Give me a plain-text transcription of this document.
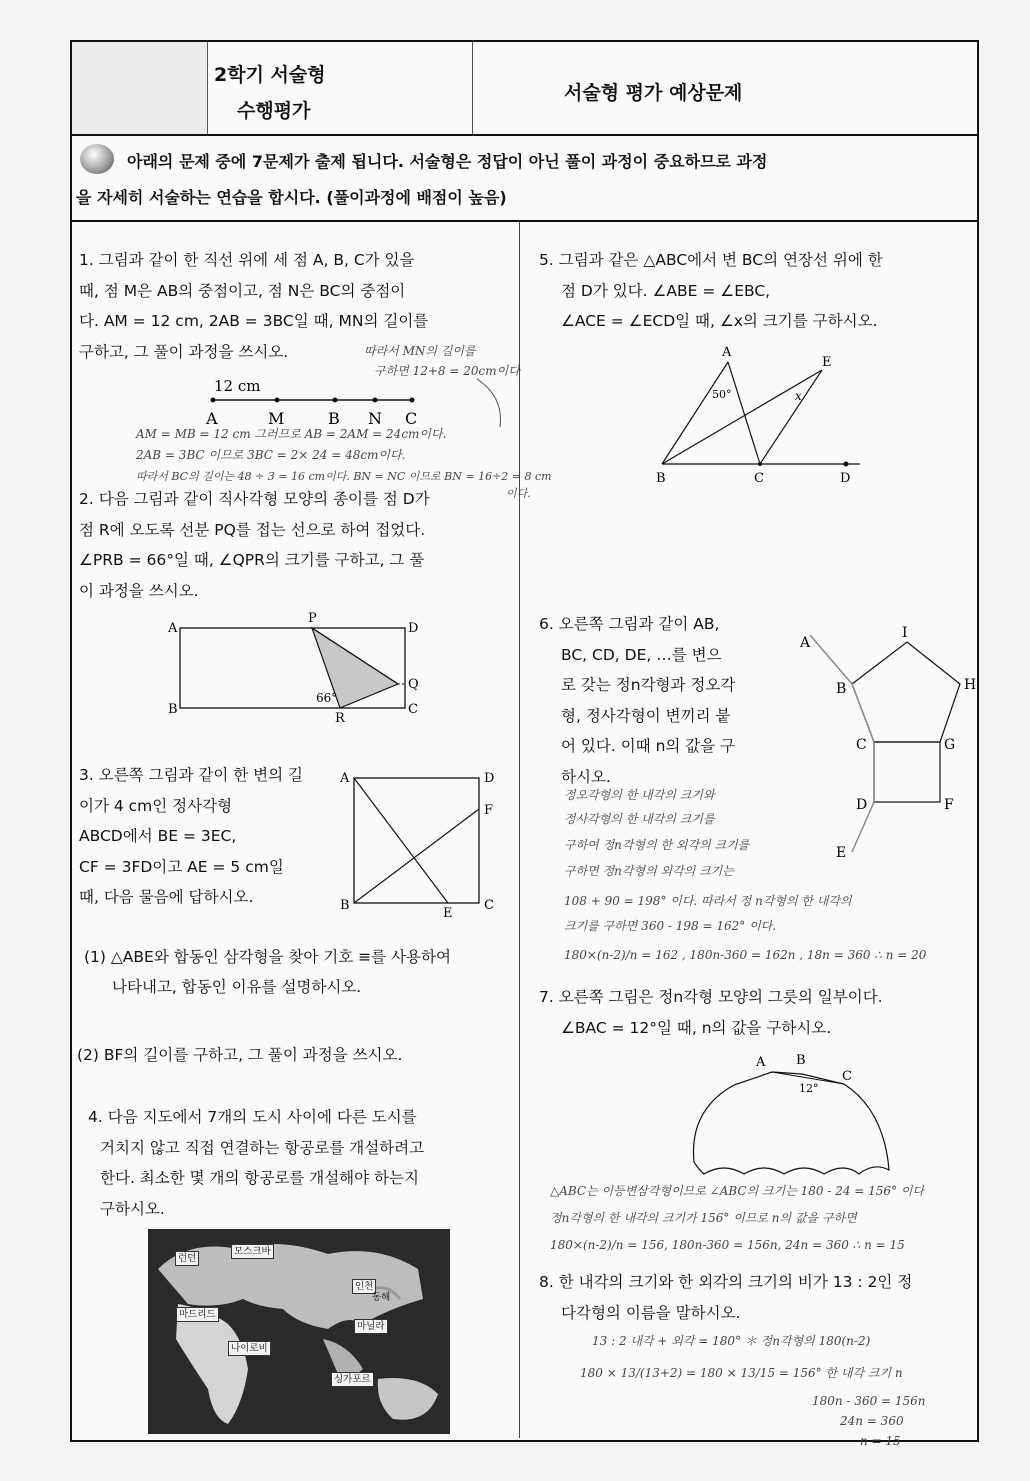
2학기 서술형
수행평가
서술형 평가 예상문제
아래의 문제 중에 7문제가 출제 됩니다. 서술형은 정답이 아닌 풀이 과정이 중요하므로 과정
을 자세히 서술하는 연습을 합시다. (풀이과정에 배점이 높음)
1. 그림과 같이 한 직선 위에 세 점 A, B, C가 있을
때, 점 M은 AB의 중점이고, 점 N은 BC의 중점이
다. AM = 12 cm, 2AB = 3BC일 때, MN의 길이를
구하고, 그 풀이 과정을 쓰시오.	따라서 MN의 길이를
구하면 12+8 = 20cm이다
12 cm
A	M	B N C
AM = MB = 12 cm 그러므로 AB = 2AM = 24cm이다.
2AB = 3BC 이므로 3BC = 2× 24 = 48cm이다.
따라서 BC의 길이는 48 ÷ 3 = 16 cm이다. BN = NC 이므로 BN = 16÷2 = 8 cm
이다.
2. 다음 그림과 같이 직사각형 모양의 종이를 점 D가
점 R에 오도록 선분 PQ를 접는 선으로 하여 접었다.
∠PRB = 66°일 때, ∠QPR의 크기를 구하고, 그 풀
이 과정을 쓰시오.
A
P
D
Q
B
R
C
66°
3. 오른쪽 그림과 같이 한 변의 길
이가 4 cm인 정사각형
ABCD에서 BE = 3EC,
CF = 3FD이고 AE = 5 cm일
때, 다음 물음에 답하시오.
A	D
F
B
E
C
(1) △ABE와 합동인 삼각형을 찾아 기호 ≡를 사용하여
나타내고, 합동인 이유를 설명하시오.
(2) BF의 길이를 구하고, 그 풀이 과정을 쓰시오.
4. 다음 지도에서 7개의 도시 사이에 다른 도시를
거치지 않고 직접 연결하는 항공로를 개설하려고
한다. 최소한 몇 개의 항공로를 개설해야 하는지
구하시오.
런던
모스크바
인천
동해
마드리드
마닐라
나이로비
싱가포르
5. 그림과 같은 △ABC에서 변 BC의 연장선 위에 한
점 D가 있다. ∠ABE = ∠EBC,
∠ACE = ∠ECD일 때, ∠x의 크기를 구하시오.
A
E
B	C	D
50°	x
6. 오른쪽 그림과 같이 AB,
BC, CD, DE, …를 변으
로 갖는 정n각형과 정오각
형, 정사각형이 변끼리 붙
어 있다. 이때 n의 값을 구
하시오.
A
I
B	H
C	G
D	F
E
정오각형의 한 내각의 크기와
정사각형의 한 내각의 크기를
구하여 정n각형의 한 외각의 크기를
구하면 정n각형의 외각의 크기는
108 + 90 = 198° 이다. 따라서 정 n각형의 한 내각의
크기를 구하면 360 - 198 = 162° 이다.
180×(n-2)/n = 162 , 180n-360 = 162n , 18n = 360 ∴ n = 20
7. 오른쪽 그림은 정n각형 모양의 그릇의 일부이다.
∠BAC = 12°일 때, n의 값을 구하시오.
A B
C
12°
△ABC는 이등변삼각형이므로 ∠ABC의 크기는 180 - 24 = 156° 이다
정n각형의 한 내각의 크기가 156° 이므로 n의 값을 구하면
180×(n-2)/n = 156, 180n-360 = 156n, 24n = 360 ∴ n = 15
8. 한 내각의 크기와 한 외각의 크기의 비가 13 : 2인 정
다각형의 이름을 말하시오.
13 : 2 내각 + 외각 = 180° ＊ 정n각형의 180(n-2)
180 × 13/(13+2) = 180 × 13/15 = 156° 한 내각 크기 n
180n - 360 = 156n
24n = 360
n = 15
